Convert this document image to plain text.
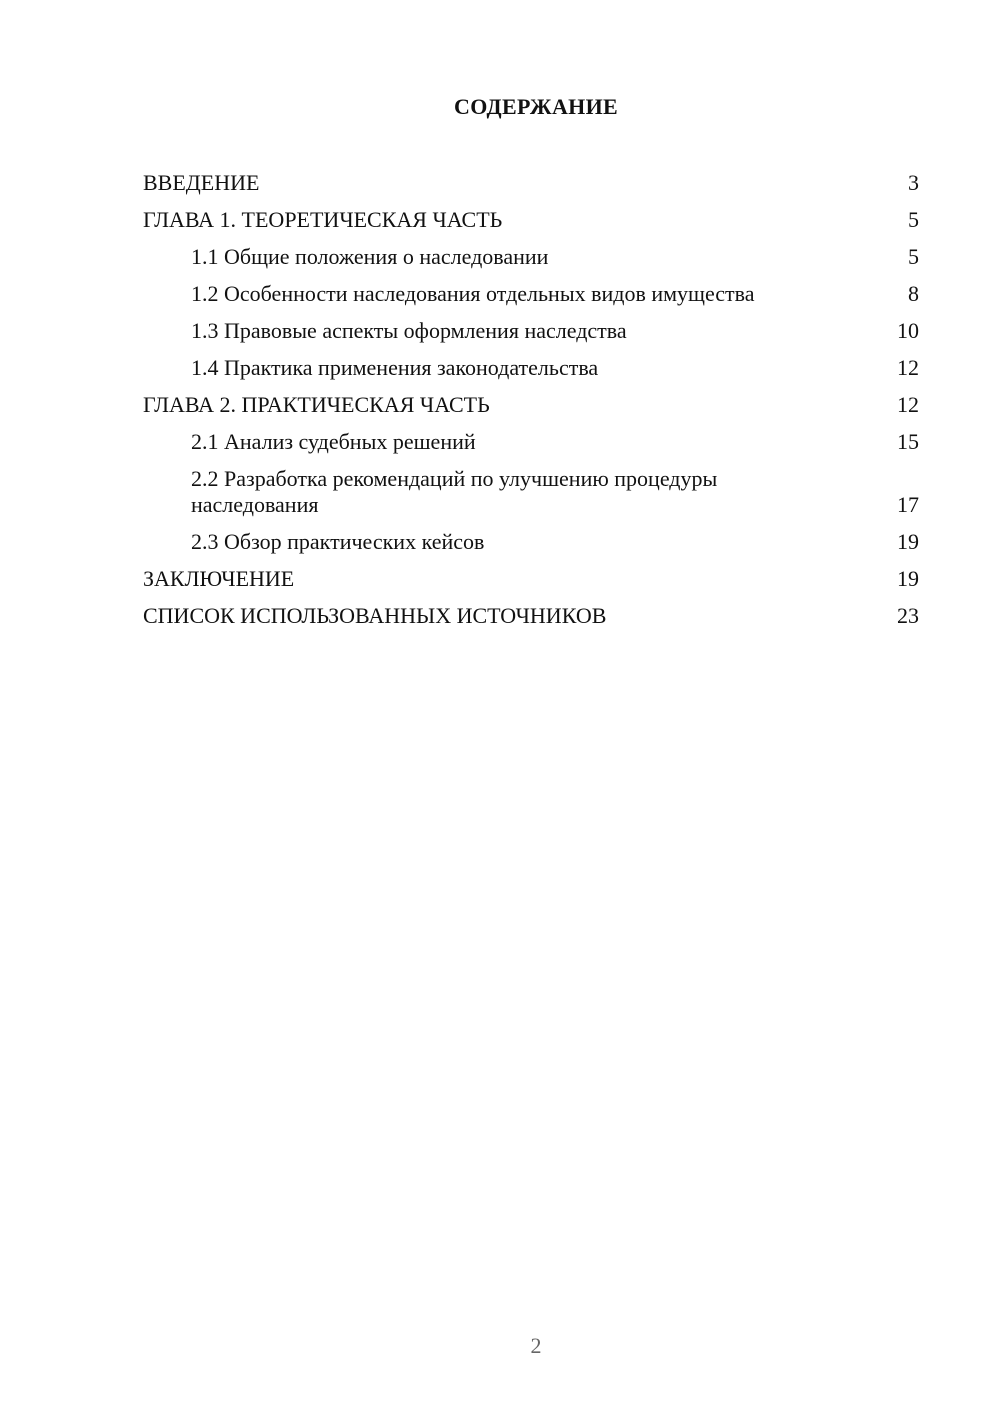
СОДЕРЖАНИЕ
ВВЕДЕНИЕ	3
ГЛАВА 1. ТЕОРЕТИЧЕСКАЯ ЧАСТЬ	5
1.1 Общие положения о наследовании	5
1.2 Особенности наследования отдельных видов имущества	8
1.3 Правовые аспекты оформления наследства	10
1.4 Практика применения законодательства	12
ГЛАВА 2. ПРАКТИЧЕСКАЯ ЧАСТЬ	12
2.1 Анализ судебных решений	15
2.2 Разработка рекомендаций по улучшению процедуры наследования	17
2.3 Обзор практических кейсов	19
ЗАКЛЮЧЕНИЕ	19
СПИСОК ИСПОЛЬЗОВАННЫХ ИСТОЧНИКОВ	23
2
